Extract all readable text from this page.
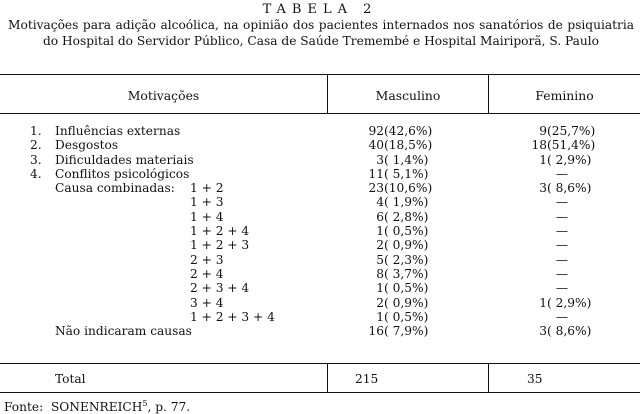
TABELA 2
Motivações para adição alcoólica, na opinião dos pacientes internados nos sanatórios de psiquiatria do Hospital do Servidor Público, Casa de Saúde Tremembé e Hospital Mairiporã, S. Paulo
Motivações	Masculino	Feminino
1. Influências externas	92 (42,6%)	9 (25,7%)
2. Desgostos	40 (18,5%)	18 (51,4%)
3. Dificuldades materiais	3 ( 1,4%)	1 ( 2,9%)
4. Conflitos psicológicos	11 ( 5,1%)	—
Causa combinadas: 1 + 2	23 (10,6%)	3 ( 8,6%)
1 + 3	4 ( 1,9%)	—
1 + 4	6 ( 2,8%)	—
1 + 2 + 4	1 ( 0,5%)	—
1 + 2 + 3	2 ( 0,9%)	—
2 + 3	5 ( 2,3%)	—
2 + 4	8 ( 3,7%)	—
2 + 3 + 4	1 ( 0,5%)	—
3 + 4	2 ( 0,9%)	1 ( 2,9%)
1 + 2 + 3 + 4	1 ( 0,5%)	—
Não indicaram causas	16 ( 7,9%)	3 ( 8,6%)
Total	215	35
Fonte: SONENREICH$^5$, p. 77.
